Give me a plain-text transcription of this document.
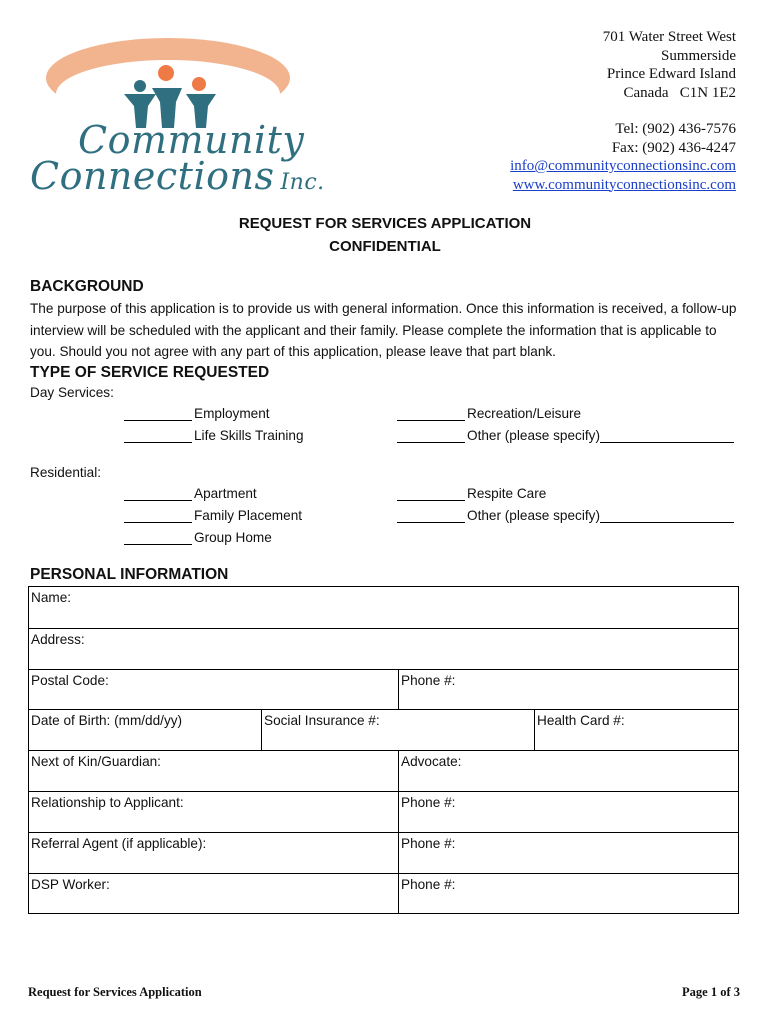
Community
Connections Inc.
701 Water Street West
Summerside
Prince Edward Island
Canada   C1N 1E2
Tel: (902) 436-7576
Fax: (902) 436-4247
info@communityconnectionsinc.com
www.communityconnectionsinc.com
REQUEST FOR SERVICES APPLICATION
CONFIDENTIAL
BACKGROUND
The purpose of this application is to provide us with general information. Once this information is received, a follow-up interview will be scheduled with the applicant and their family. Please complete the information that is applicable to you. Should you not agree with any part of this application, please leave that part blank.
TYPE OF SERVICE REQUESTED
Day Services:
Employment
Life Skills Training
Recreation/Leisure
Other (please specify)
Residential:
Apartment
Family Placement
Group Home
Respite Care
Other (please specify)
PERSONAL INFORMATION
Name:
Address:
Postal Code:	Phone #:
Date of Birth: (mm/dd/yy)	Social Insurance #:	Health Card #:
Next of Kin/Guardian:	Advocate:
Relationship to Applicant:	Phone #:
Referral Agent (if applicable):	Phone #:
DSP Worker:	Phone #:
Request for Services Application	Page 1 of 3
